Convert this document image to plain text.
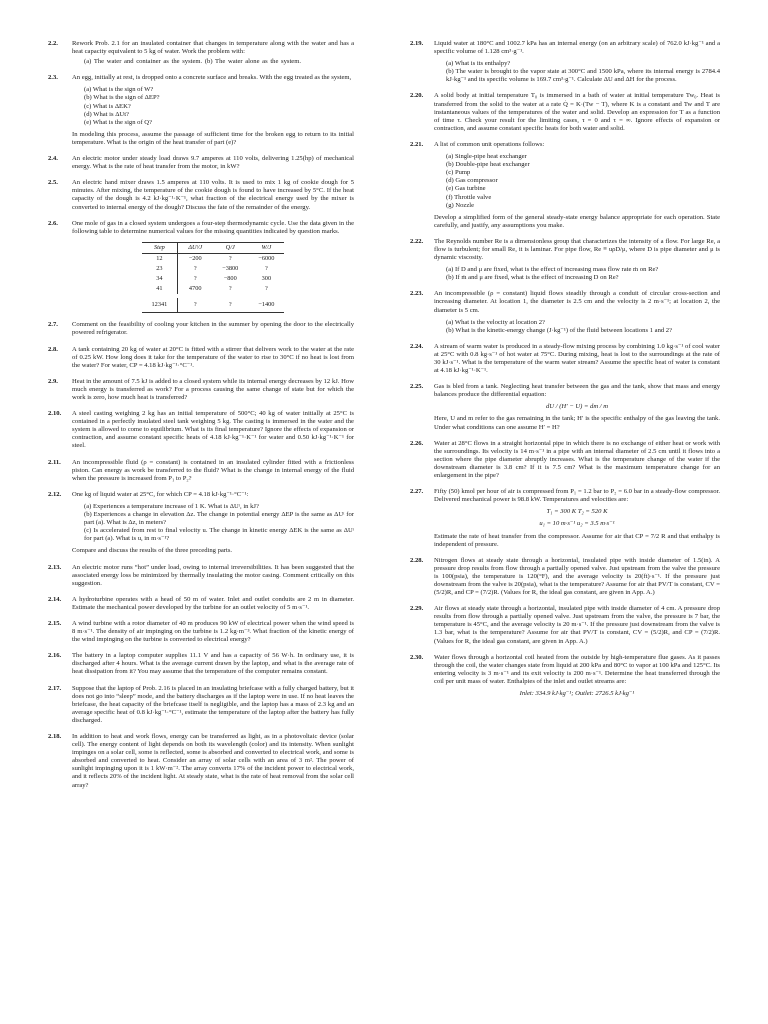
2.2.	Rework Prob. 2.1 for an insulated container that changes in temperature along with the water and has a heat capacity equivalent to 5 kg of water. Work the problem with:

(a) The water and container as the system. (b) The water alone as the system.
2.3.	An egg, initially at rest, is dropped onto a concrete surface and breaks. With the egg treated as the system,

(a) What is the sign of W?
(b) What is the sign of ΔEP?
(c) What is ΔEK?
(d) What is ΔUt?
(e) What is the sign of Q?

In modeling this process, assume the passage of sufficient time for the broken egg to return to its initial temperature. What is the origin of the heat transfer of part (e)?

2.4.	An electric motor under steady load draws 9.7 amperes at 110 volts, delivering 1.25(hp) of mechanical energy. What is the rate of heat transfer from the motor, in kW?

2.5.	An electric hand mixer draws 1.5 amperes at 110 volts. It is used to mix 1 kg of cookie dough for 5 minutes. After mixing, the temperature of the cookie dough is found to have increased by 5°C. If the heat capacity of the dough is 4.2 kJ·kg⁻¹·K⁻¹, what fraction of the electrical energy used by the mixer is converted to internal energy of the dough? Discuss the fate of the remainder of the energy.

2.6.	One mole of gas in a closed system undergoes a four-step thermodynamic cycle. Use the data given in the following table to determine numerical values for the missing quantities indicated by question marks.

Step	ΔUᵗ/J	Q/J	W/J
12	−200	?	−6000
23	?	−3800	?
34	?	−800	300
41	4700	?	?
12341	?	?	−1400
2.7.	Comment on the feasibility of cooling your kitchen in the summer by opening the door to the electrically powered refrigerator.

2.8.	A tank containing 20 kg of water at 20°C is fitted with a stirrer that delivers work to the water at the rate of 0.25 kW. How long does it take for the temperature of the water to rise to 30°C if no heat is lost from the water? For water, CP = 4.18 kJ·kg⁻¹·°C⁻¹.

2.9.	Heat in the amount of 7.5 kJ is added to a closed system while its internal energy decreases by 12 kJ. How much energy is transferred as work? For a process causing the same change of state but for which the work is zero, how much heat is transferred?

2.10.	A steel casting weighing 2 kg has an initial temperature of 500°C; 40 kg of water initially at 25°C is contained in a perfectly insulated steel tank weighing 5 kg. The casting is immersed in the water and the system is allowed to come to equilibrium. What is its final temperature? Ignore the effects of expansion or contraction, and assume constant specific heats of 4.18 kJ·kg⁻¹·K⁻¹ for water and 0.50 kJ·kg⁻¹·K⁻¹ for steel.

2.11.	An incompressible fluid (ρ = constant) is contained in an insulated cylinder fitted with a frictionless piston. Can energy as work be transferred to the fluid? What is the change in internal energy of the fluid when the pressure is increased from P₁ to P₂?

2.12.	One kg of liquid water at 25°C, for which CP = 4.18 kJ·kg⁻¹·°C⁻¹:

(a) Experiences a temperature increase of 1 K. What is ΔUᵗ, in kJ?
(b) Experiences a change in elevation Δz. The change in potential energy ΔEP is the same as ΔUᵗ for part (a). What is Δz, in meters?
(c) Is accelerated from rest to final velocity u. The change in kinetic energy ΔEK is the same as ΔUᵗ for part (a). What is u, in m·s⁻¹?

Compare and discuss the results of the three preceding parts.

2.13.	An electric motor runs “hot” under load, owing to internal irreversibilities. It has been suggested that the associated energy loss be minimized by thermally insulating the motor casing. Comment critically on this suggestion.

2.14.	A hydroturbine operates with a head of 50 m of water. Inlet and outlet conduits are 2 m in diameter. Estimate the mechanical power developed by the turbine for an outlet velocity of 5 m·s⁻¹.

2.15.	A wind turbine with a rotor diameter of 40 m produces 90 kW of electrical power when the wind speed is 8 m·s⁻¹. The density of air impinging on the turbine is 1.2 kg·m⁻³. What fraction of the kinetic energy of the wind impinging on the turbine is converted to electrical energy?

2.16.	The battery in a laptop computer supplies 11.1 V and has a capacity of 56 W·h. In ordinary use, it is discharged after 4 hours. What is the average current drawn by the laptop, and what is the average rate of heat dissipation from it? You may assume that the temperature of the computer remains constant.

2.17.	Suppose that the laptop of Prob. 2.16 is placed in an insulating briefcase with a fully charged battery, but it does not go into “sleep” mode, and the battery discharges as if the laptop were in use. If no heat leaves the briefcase, the heat capacity of the briefcase itself is negligible, and the laptop has a mass of 2.3 kg and an average specific heat of 0.8 kJ·kg⁻¹·°C⁻¹, estimate the temperature of the laptop after the battery has fully discharged.

2.18.	In addition to heat and work flows, energy can be transferred as light, as in a photovoltaic device (solar cell). The energy content of light depends on both its wavelength (color) and its intensity. When sunlight impinges on a solar cell, some is reflected, some is absorbed and converted to electrical work, and some is absorbed and converted to heat. Consider an array of solar cells with an area of 3 m². The power of sunlight impinging upon it is 1 kW·m⁻². The array converts 17% of the incident power to electrical work, and it reflects 20% of the incident light. At steady state, what is the rate of heat removal from the solar cell array?

2.19.	Liquid water at 180°C and 1002.7 kPa has an internal energy (on an arbitrary scale) of 762.0 kJ·kg⁻¹ and a specific volume of 1.128 cm³·g⁻¹.

(a) What is its enthalpy?
(b) The water is brought to the vapor state at 300°C and 1500 kPa, where its internal energy is 2784.4 kJ·kg⁻¹ and its specific volume is 169.7 cm³·g⁻¹. Calculate ΔU and ΔH for the process.
2.20.	A solid body at initial temperature T₀ is immersed in a bath of water at initial temperature Tw₀. Heat is transferred from the solid to the water at a rate Q̇ = K·(Tw − T), where K is a constant and Tw and T are instantaneous values of the temperatures of the water and solid. Develop an expression for T as a function of time τ. Check your result for the limiting cases, τ = 0 and τ = ∞. Ignore effects of expansion or contraction, and assume constant specific heats for both water and solid.

2.21.	A list of common unit operations follows:

(a) Single-pipe heat exchanger
(b) Double-pipe heat exchanger
(c) Pump
(d) Gas compressor
(e) Gas turbine
(f) Throttle valve
(g) Nozzle

Develop a simplified form of the general steady-state energy balance appropriate for each operation. State carefully, and justify, any assumptions you make.

2.22.	The Reynolds number Re is a dimensionless group that characterizes the intensity of a flow. For large Re, a flow is turbulent; for small Re, it is laminar. For pipe flow, Re ≡ uρD/μ, where D is pipe diameter and μ is dynamic viscosity.

(a) If D and μ are fixed, what is the effect of increasing mass flow rate ṁ on Re?
(b) If ṁ and μ are fixed, what is the effect of increasing D on Re?
2.23.	An incompressible (ρ = constant) liquid flows steadily through a conduit of circular cross-section and increasing diameter. At location 1, the diameter is 2.5 cm and the velocity is 2 m·s⁻¹; at location 2, the diameter is 5 cm.

(a) What is the velocity at location 2?
(b) What is the kinetic-energy change (J·kg⁻¹) of the fluid between locations 1 and 2?
2.24.	A stream of warm water is produced in a steady-flow mixing process by combining 1.0 kg·s⁻¹ of cool water at 25°C with 0.8 kg·s⁻¹ of hot water at 75°C. During mixing, heat is lost to the surroundings at the rate of 30 kJ·s⁻¹. What is the temperature of the warm water stream? Assume the specific heat of water is constant at 4.18 kJ·kg⁻¹·K⁻¹.

2.25.	Gas is bled from a tank. Neglecting heat transfer between the gas and the tank, show that mass and energy balances produce the differential equation:

dU / (H′ − U) = dm / m

Here, U and m refer to the gas remaining in the tank; H′ is the specific enthalpy of the gas leaving the tank. Under what conditions can one assume H′ = H?

2.26.	Water at 28°C flows in a straight horizontal pipe in which there is no exchange of either heat or work with the surroundings. Its velocity is 14 m·s⁻¹ in a pipe with an internal diameter of 2.5 cm until it flows into a section where the pipe diameter abruptly increases. What is the temperature change of the water if the downstream diameter is 3.8 cm? If it is 7.5 cm? What is the maximum temperature change for an enlargement in the pipe?

2.27.	Fifty (50) kmol per hour of air is compressed from P₁ = 1.2 bar to P₂ = 6.0 bar in a steady-flow compressor. Delivered mechanical power is 98.8 kW. Temperatures and velocities are:

T₁ = 300 K T₂ = 520 K
u₁ = 10 m·s⁻¹ u₂ = 3.5 m·s⁻¹

Estimate the rate of heat transfer from the compressor. Assume for air that CP = 7/2 R and that enthalpy is independent of pressure.

2.28.	Nitrogen flows at steady state through a horizontal, insulated pipe with inside diameter of 1.5(in). A pressure drop results from flow through a partially opened valve. Just upstream from the valve the pressure is 100(psia), the temperature is 120(°F), and the average velocity is 20(ft)·s⁻¹. If the pressure just downstream from the valve is 20(psia), what is the temperature? Assume for air that PV/T is constant, CV = (5/2)R, and CP = (7/2)R. (Values for R, the ideal gas constant, are given in App. A.)

2.29.	Air flows at steady state through a horizontal, insulated pipe with inside diameter of 4 cm. A pressure drop results from flow through a partially opened valve. Just upstream from the valve, the pressure is 7 bar, the temperature is 45°C, and the average velocity is 20 m·s⁻¹. If the pressure just downstream from the valve is 1.3 bar, what is the temperature? Assume for air that PV/T is constant, CV = (5/2)R, and CP = (7/2)R. (Values for R, the ideal gas constant, are given in App. A.)

2.30.	Water flows through a horizontal coil heated from the outside by high-temperature flue gases. As it passes through the coil, the water changes state from liquid at 200 kPa and 80°C to vapor at 100 kPa and 125°C. Its entering velocity is 3 m·s⁻¹ and its exit velocity is 200 m·s⁻¹. Determine the heat transferred through the coil per unit mass of water. Enthalpies of the inlet and outlet streams are:

Inlet: 334.9 kJ·kg⁻¹; Outlet: 2726.5 kJ·kg⁻¹
